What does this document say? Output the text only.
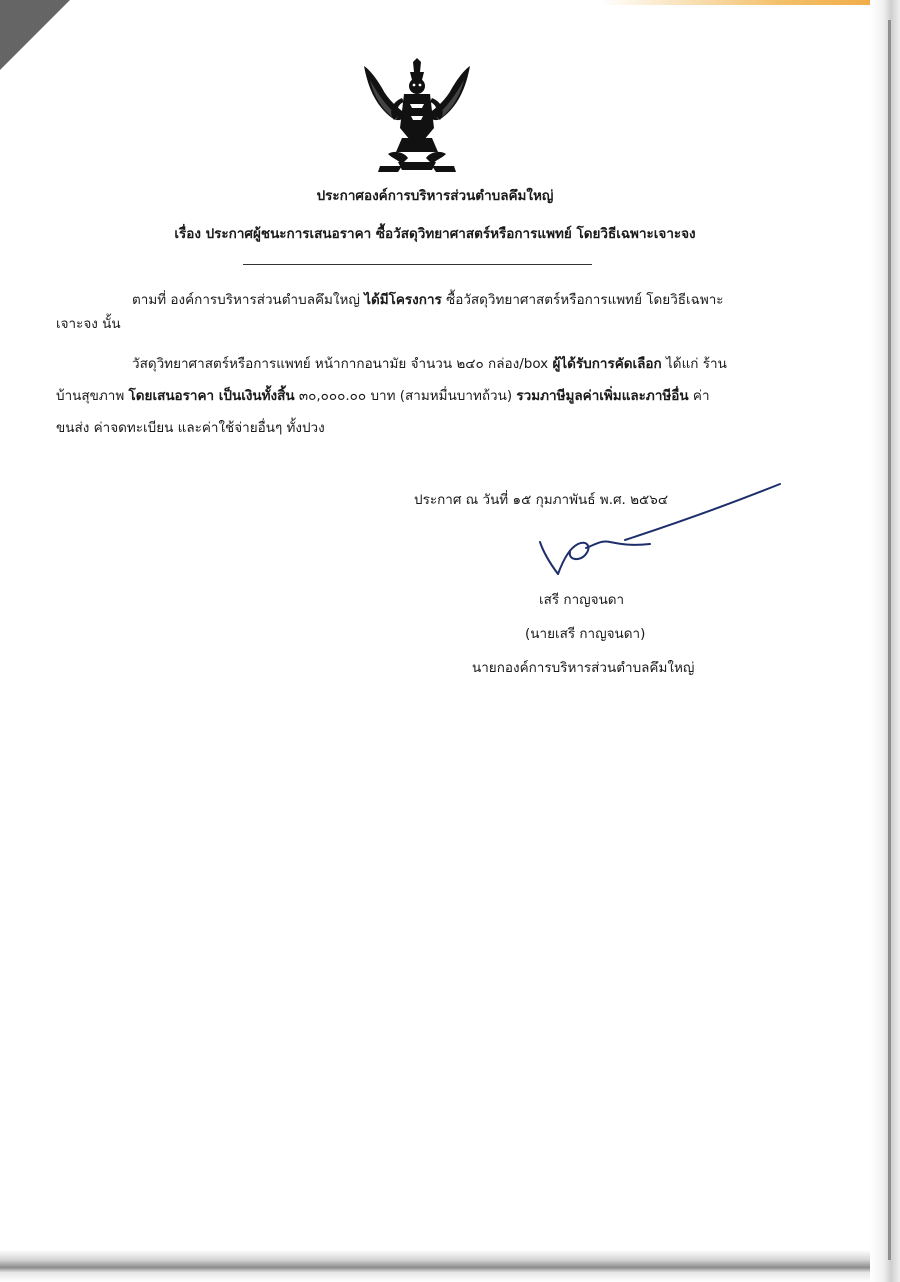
ประกาศองค์การบริหารส่วนตำบลคึมใหญ่
เรื่อง ประกาศผู้ชนะการเสนอราคา ซื้อวัสดุวิทยาศาสตร์หรือการแพทย์ โดยวิธีเฉพาะเจาะจง
ตามที่ องค์การบริหารส่วนตำบลคึมใหญ่ ได้มีโครงการ ซื้อวัสดุวิทยาศาสตร์หรือการแพทย์ โดยวิธีเฉพาะ
เจาะจง นั้น
วัสดุวิทยาศาสตร์หรือการแพทย์ หน้ากากอนามัย จำนวน ๒๔๐ กล่อง/box ผู้ได้รับการคัดเลือก ได้แก่ ร้าน
บ้านสุขภาพ โดยเสนอราคา เป็นเงินทั้งสิ้น ๓๐,๐๐๐.๐๐ บาท (สามหมื่นบาทถ้วน) รวมภาษีมูลค่าเพิ่มและภาษีอื่น ค่า
ขนส่ง ค่าจดทะเบียน และค่าใช้จ่ายอื่นๆ ทั้งปวง
ประกาศ ณ วันที่ ๑๕ กุมภาพันธ์ พ.ศ. ๒๕๖๔
เสรี กาญจนดา
(นายเสรี กาญจนดา)
นายกองค์การบริหารส่วนตำบลคึมใหญ่
